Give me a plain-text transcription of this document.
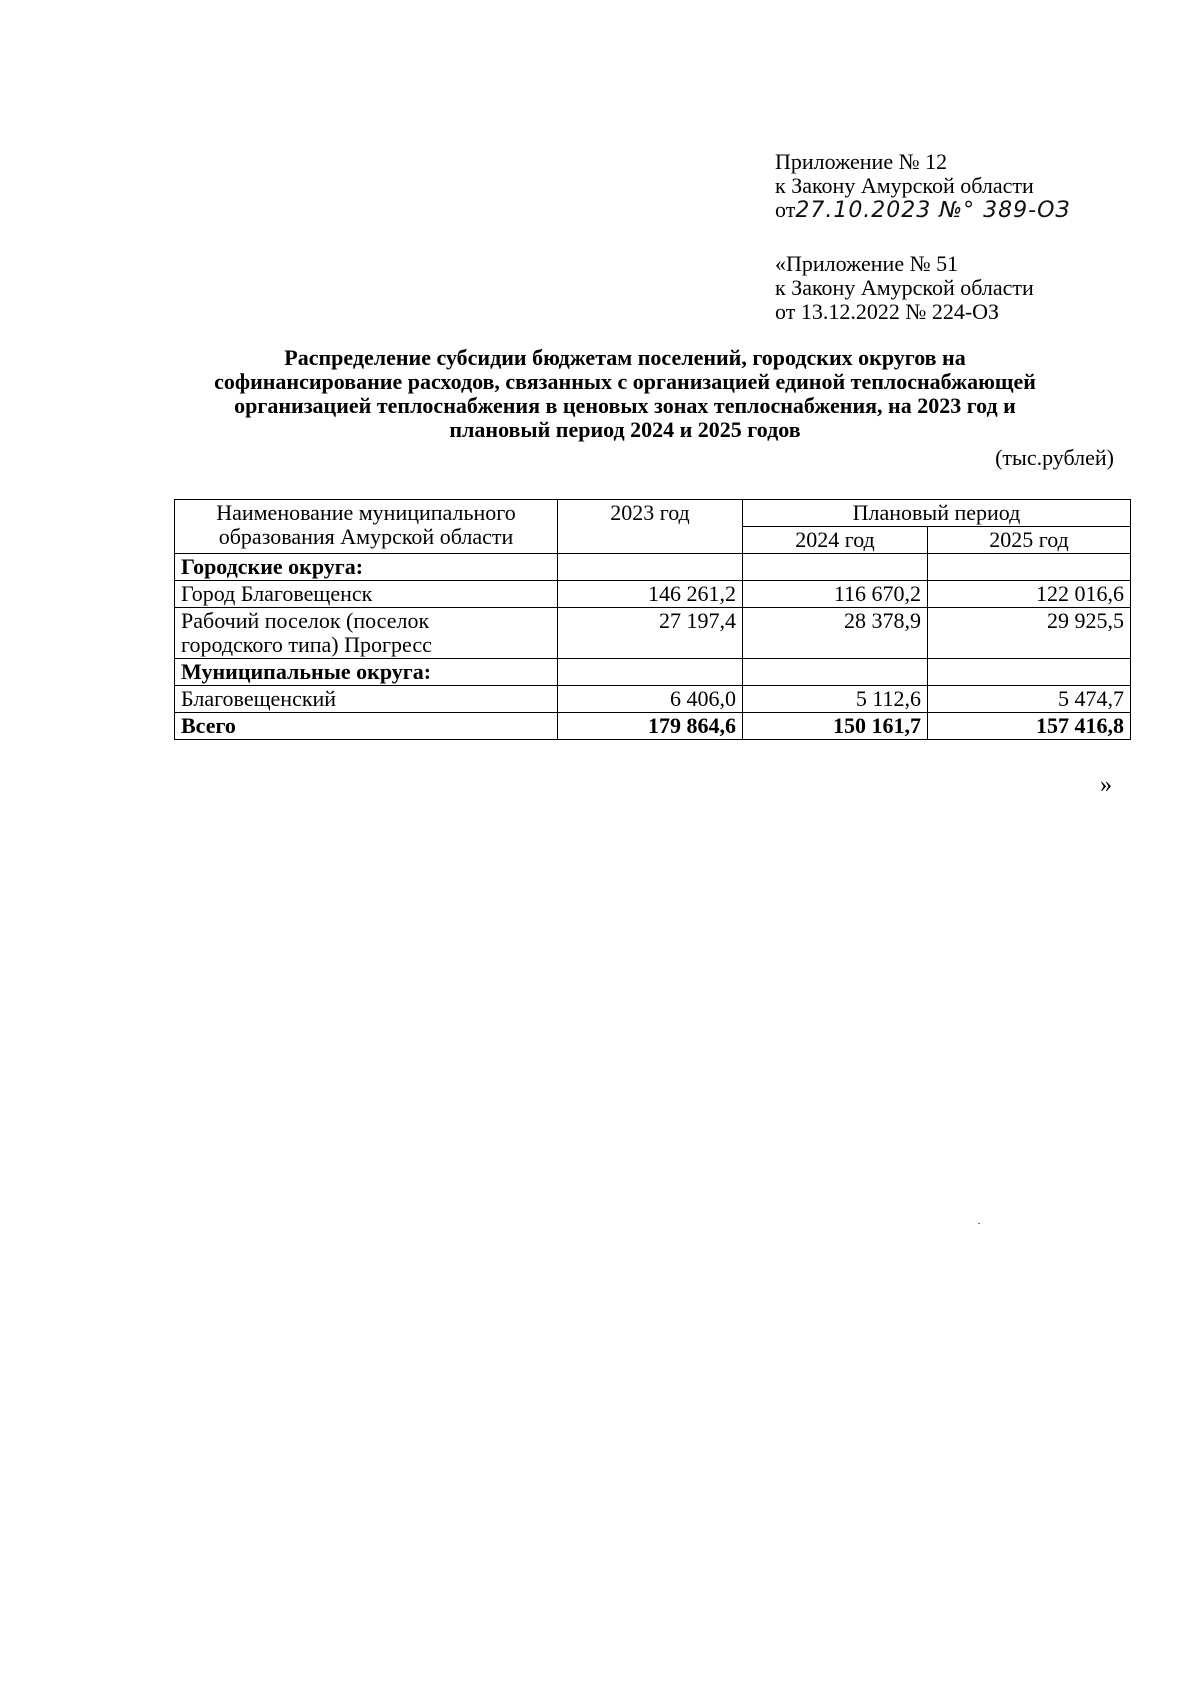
Приложение № 12
к Закону Амурской области
от27.10.2023 №° 389-ОЗ
«Приложение № 51
к Закону Амурской области
от 13.12.2022 № 224-ОЗ
Распределение субсидии бюджетам поселений, городских округов на
софинансирование расходов, связанных с организацией единой теплоснабжающей
организацией теплоснабжения в ценовых зонах теплоснабжения, на 2023 год и
плановый период 2024 и 2025 годов
(тыс.рублей)
Наименование муниципального
образования Амурской области	2023 год	Плановый период	
		2024 год	2025 год
Городские округа:			
Город Благовещенск	146 261,2	116 670,2	122 016,6

Рабочий поселок (поселок
городского типа) Прогресс	27 197,4	28 378,9	29 925,5
Муниципальные округа:			
Благовещенский	6 406,0	5 112,6	5 474,7
Всего	179 864,6	150 161,7	157 416,8
»
